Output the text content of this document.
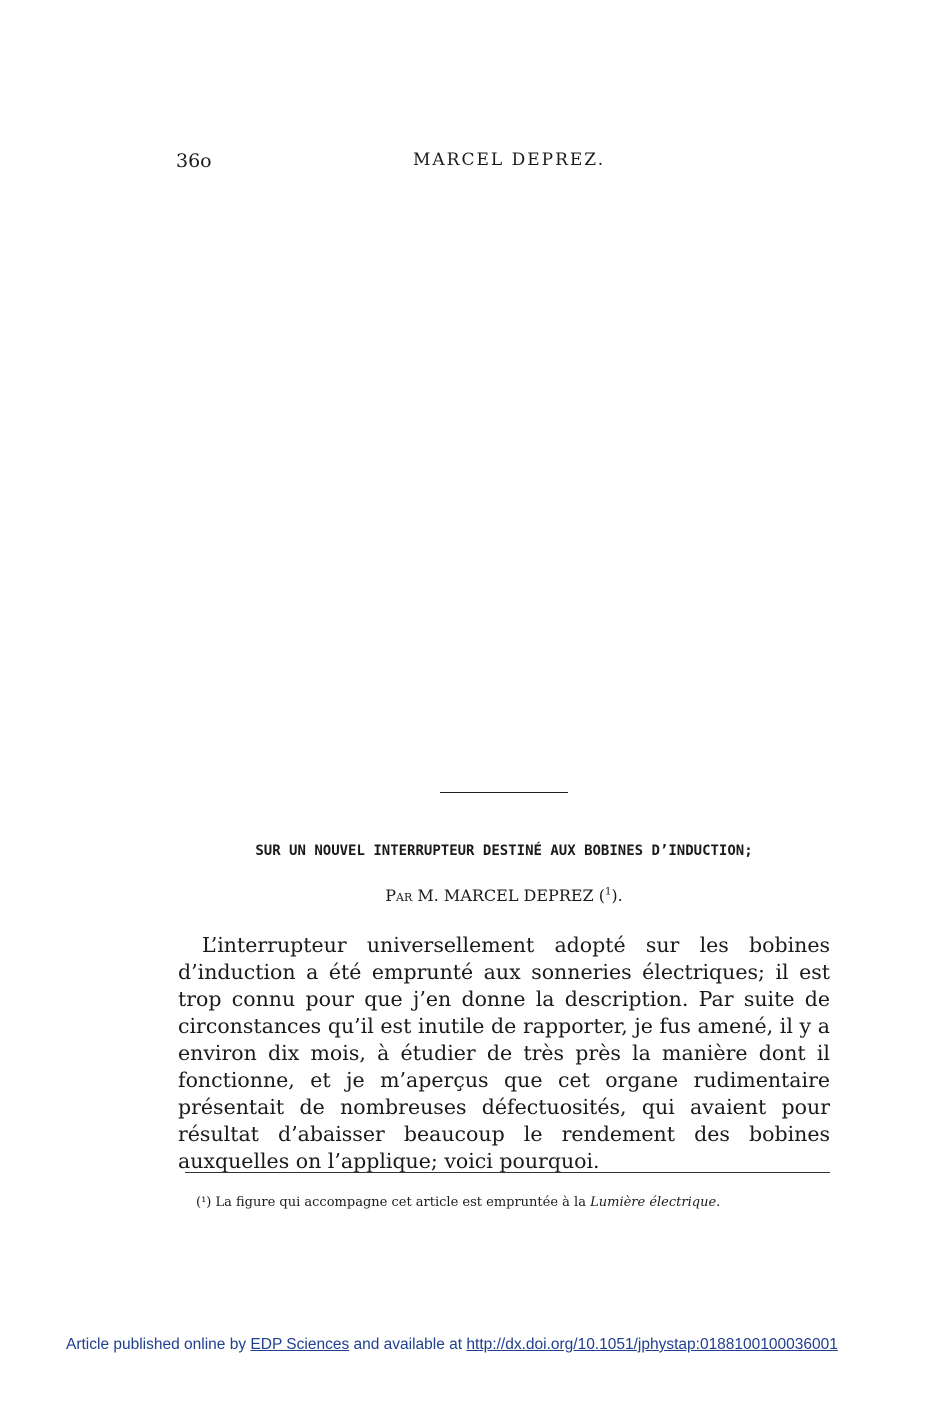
36o	MARCEL DEPREZ.
SUR UN NOUVEL INTERRUPTEUR DESTINÉ AUX BOBINES D’INDUCTION;
Par M. MARCEL DEPREZ ($^1$).
L’interrupteur universellement adopté sur les bobines d’induction a été emprunté aux sonneries électriques; il est trop connu pour que j’en donne la description. Par suite de circonstances qu’il est inutile de rapporter, je fus amené, il y a environ dix mois, à étudier de très près la manière dont il fonctionne, et je m’aperçus que cet organe rudimentaire présentait de nombreuses défectuosités, qui avaient pour résultat d’abaisser beaucoup le rendement des bobines auxquelles on l’applique; voici pourquoi.
(¹) La figure qui accompagne cet article est empruntée à la Lumière électrique.
Article published online by EDP Sciences and available at http://dx.doi.org/10.1051/jphystap:0188100100036001
